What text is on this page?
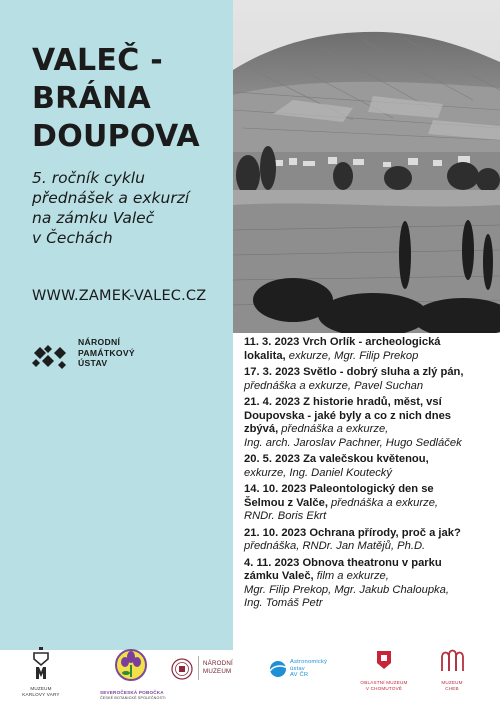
VALEČ -
BRÁNA
DOUPOVA
5. ročník cyklu
přednášek a exkurzí
na zámku Valeč
v Čechách
WWW.ZAMEK-VALEC.CZ
NÁRODNÍ
PAMÁTKOVÝ
ÚSTAV
11. 3. 2023 Vrch Orlík - archeologická
lokalita, exkurze, Mgr. Filip Prekop
17. 3. 2023 Světlo - dobrý sluha a zlý pán,
přednáška a exkurze, Pavel Suchan
21. 4. 2023 Z historie hradů, měst, vsí
Doupovska - jaké byly a co z nich dnes
zbývá, přednáška a exkurze,
Ing. arch. Jaroslav Pachner, Hugo Sedláček
20. 5. 2023 Za valečskou květenou,
exkurze, Ing. Daniel Koutecký
14. 10. 2023 Paleontologický den se
Šelmou z Valče, přednáška a exkurze,
RNDr. Boris Ekrt
21. 10. 2023 Ochrana přírody, proč a jak?
přednáška, RNDr. Jan Matějů, Ph.D.
4. 11. 2023 Obnova theatronu v parku
zámku Valeč, film a exkurze,
Mgr. Filip Prekop, Mgr. Jakub Chaloupka,
Ing. Tomáš Petr
MUZEUM
KARLOVY VARY	SEVEROČESKÁ POBOČKA
ČESKÉ BOTANICKÉ SPOLEČNOSTI
NÁRODNÍ
MUZEUM
Astronomický
ústav
AV ČR
OBLASTNÍ MUZEUM
V CHOMUTOVĚ
MUZEUM
CHEB
